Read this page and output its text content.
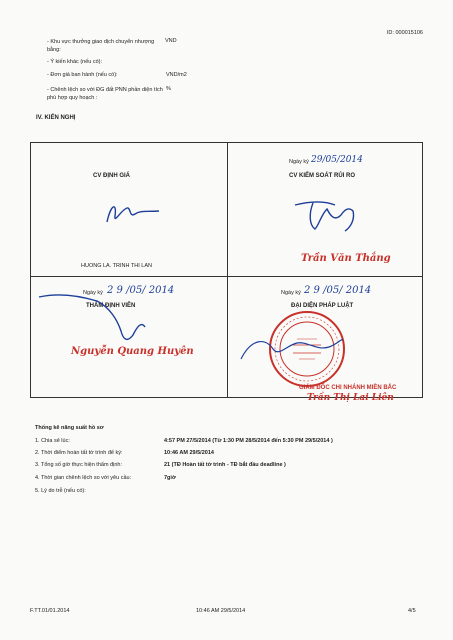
ID: 000015106
- Khu vực thưởng giao dịch chuyển nhượng bằng:
VND
- Ý kiến khác (nếu có):
- Đơn giá ban hành (nếu có):	VND/m2
- Chênh lệch so với ĐG đất PNN phần diện tích phù hợp quy hoạch :
%
IV. KIẾN NGHỊ
CV ĐỊNH GIÁ
HUONG LA. TRINH THI LAN
Ngày ký 29/05/2014
CV KIỂM SOÁT RỦI RO
Trần Văn Thắng
Ngày ký 2 9 /05/ 2014
THẨM ĐỊNH VIÊN
Nguyễn Quang Huyên
Ngày ký 2 9 /05/ 2014
ĐẠI DIỆN PHÁP LUẬT
GIÁM ĐỐC CHI NHÁNH MIỀN BẮC
Trần Thị Lai Liên
Thống kê năng suất hồ sơ
1. Chia sẻ lúc:	4:57 PM 27/5/2014 (Từ 1:30 PM 28/5/2014 đến 5:30 PM 29/5/2014 )
2. Thời điểm hoàn tất tờ trình để ký:	10:46 AM 29/5/2014
3. Tổng số giờ thực hiện thẩm định:	21 (TĐ Hoàn tất tờ trình - TĐ bắt đầu deadline )
4. Thời gian chênh lệch so với yêu cầu:	7giờ
5. Lý do trễ (nếu có):
F.TT.01/01.2014	10:46 AM 29/5/2014	4/5
